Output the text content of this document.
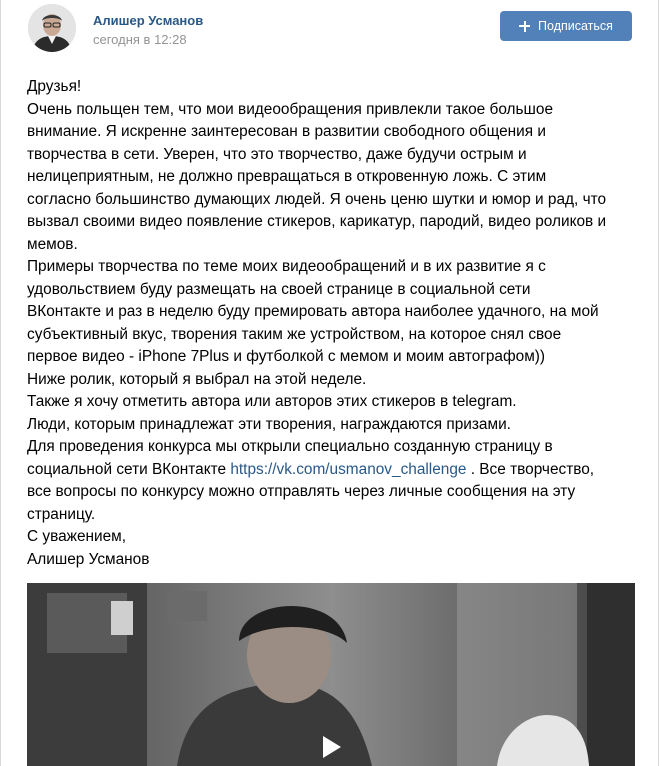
Алишер Усманов
сегодня в 12:28
Подписаться
Друзья!
Очень польщен тем, что мои видеообращения привлекли такое большое
внимание. Я искренне заинтересован в развитии свободного общения и
творчества в сети. Уверен, что это творчество, даже будучи острым и
нелицеприятным, не должно превращаться в откровенную ложь. С этим
согласно большинство думающих людей. Я очень ценю шутки и юмор и рад, что
вызвал своими видео появление стикеров, карикатур, пародий, видео роликов и
мемов.
Примеры творчества по теме моих видеообращений и в их развитие я с
удовольствием буду размещать на своей странице в социальной сети
ВКонтакте и раз в неделю буду премировать автора наиболее удачного, на мой
субъективный вкус, творения таким же устройством, на которое снял свое
первое видео - iPhone 7Plus и футболкой с мемом и моим автографом))
Ниже ролик, который я выбрал на этой неделе.
Также я хочу отметить автора или авторов этих стикеров в telegram.
Люди, которым принадлежат эти творения, награждаются призами.
Для проведения конкурса мы открыли специально созданную страницу в
социальной сети ВКонтакте https://vk.com/usmanov_challenge . Все творчество,
все вопросы по конкурсу можно отправлять через личные сообщения на эту
страницу.
С уважением,
Алишер Усманов
